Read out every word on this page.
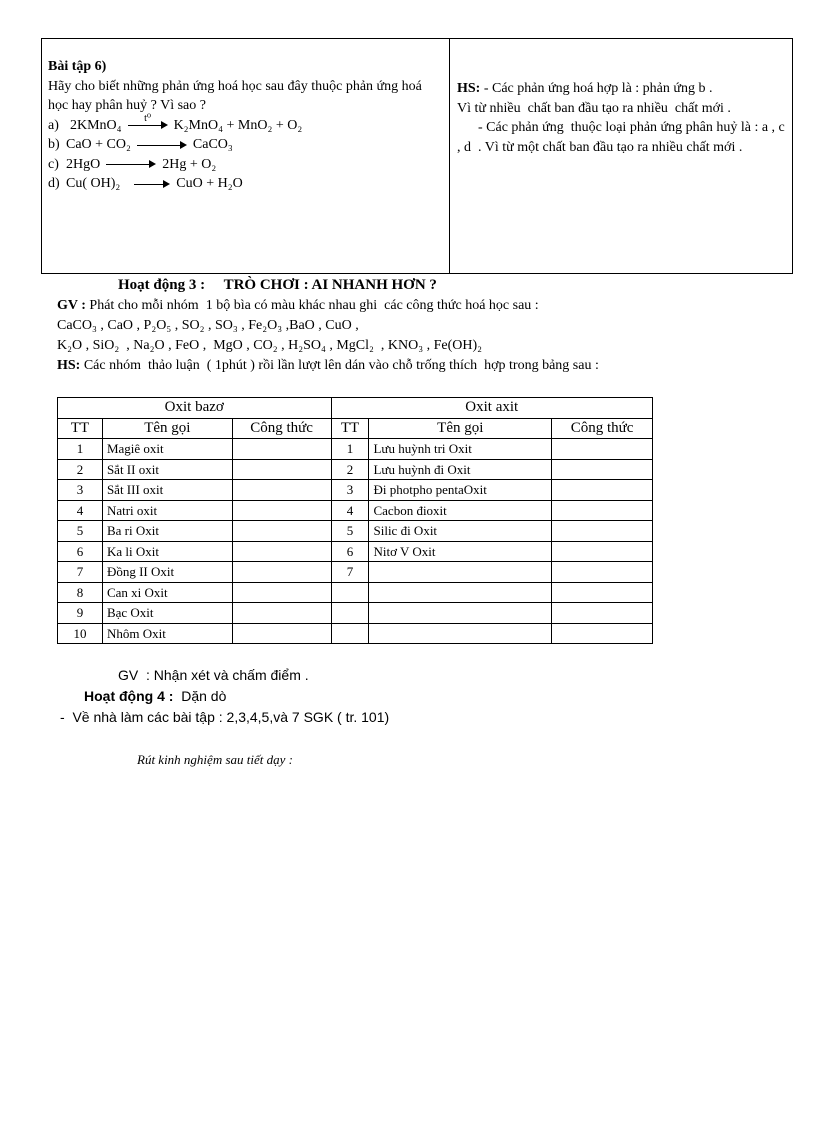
Bài tập 6)
Hãy cho biết những phản ứng hoá học sau đây thuộc phản ứng hoá học hay phân huỷ ? Vì sao ?
a) 2KMnO₄ t⁰ K₂MnO₄ + MnO₂ + O₂
b) CaO + CO₂	CaCO₃
c) 2HgO	2Hg + O₂
d) Cu( OH)₂	CuO + H₂O
HS: - Các phản ứng hoá hợp là : phản ứng b .
Vì từ nhiều  chất ban đầu tạo ra nhiều  chất mới .
- Các phản ứng  thuộc loại phản ứng phân huỷ là : a , c , d  . Vì từ một chất ban đầu tạo ra nhiều chất mới .
Hoạt động 3 :     TRÒ CHƠI : AI NHANH HƠN ?
GV : Phát cho mỗi nhóm  1 bộ bìa có màu khác nhau ghi  các công thức hoá học sau :
CaCO₃ , CaO , P₂O₅ , SO₂ , SO₃ , Fe₂O₃ ,BaO , CuO ,
K₂O , SiO₂  , Na₂O , FeO ,  MgO , CO₂ , H₂SO₄ , MgCl₂  , KNO₃ , Fe(OH)₂
HS: Các nhóm  thảo luận  ( 1phút ) rồi lần lượt lên dán vào chỗ trống thích  hợp trong bảng sau :
Oxit bazơ			Oxit axit		
TT	Tên gọi	Công thức	TT	Tên gọi	Công thức
1	Magiê oxit		1	Lưu huỳnh tri Oxit	
2	Sắt II oxit		2	Lưu huỳnh đi Oxit	
3	Sắt III oxit		3	Đi photpho pentaOxit	
4	Natri oxit		4	Cacbon đioxit	
5	Ba ri Oxit		5	Silic đi Oxit	
6	Ka li Oxit		6	Nitơ V Oxit	
7	Đồng II Oxit		7		
8	Can xi Oxit				
9	Bạc Oxit				
10	Nhôm Oxit				
GV  : Nhận xét và chấm điểm .
Hoạt động 4 :  Dặn dò
-  Về nhà làm các bài tập : 2,3,4,5,và 7 SGK ( tr. 101)
Rút kinh nghiệm sau tiết dạy :
